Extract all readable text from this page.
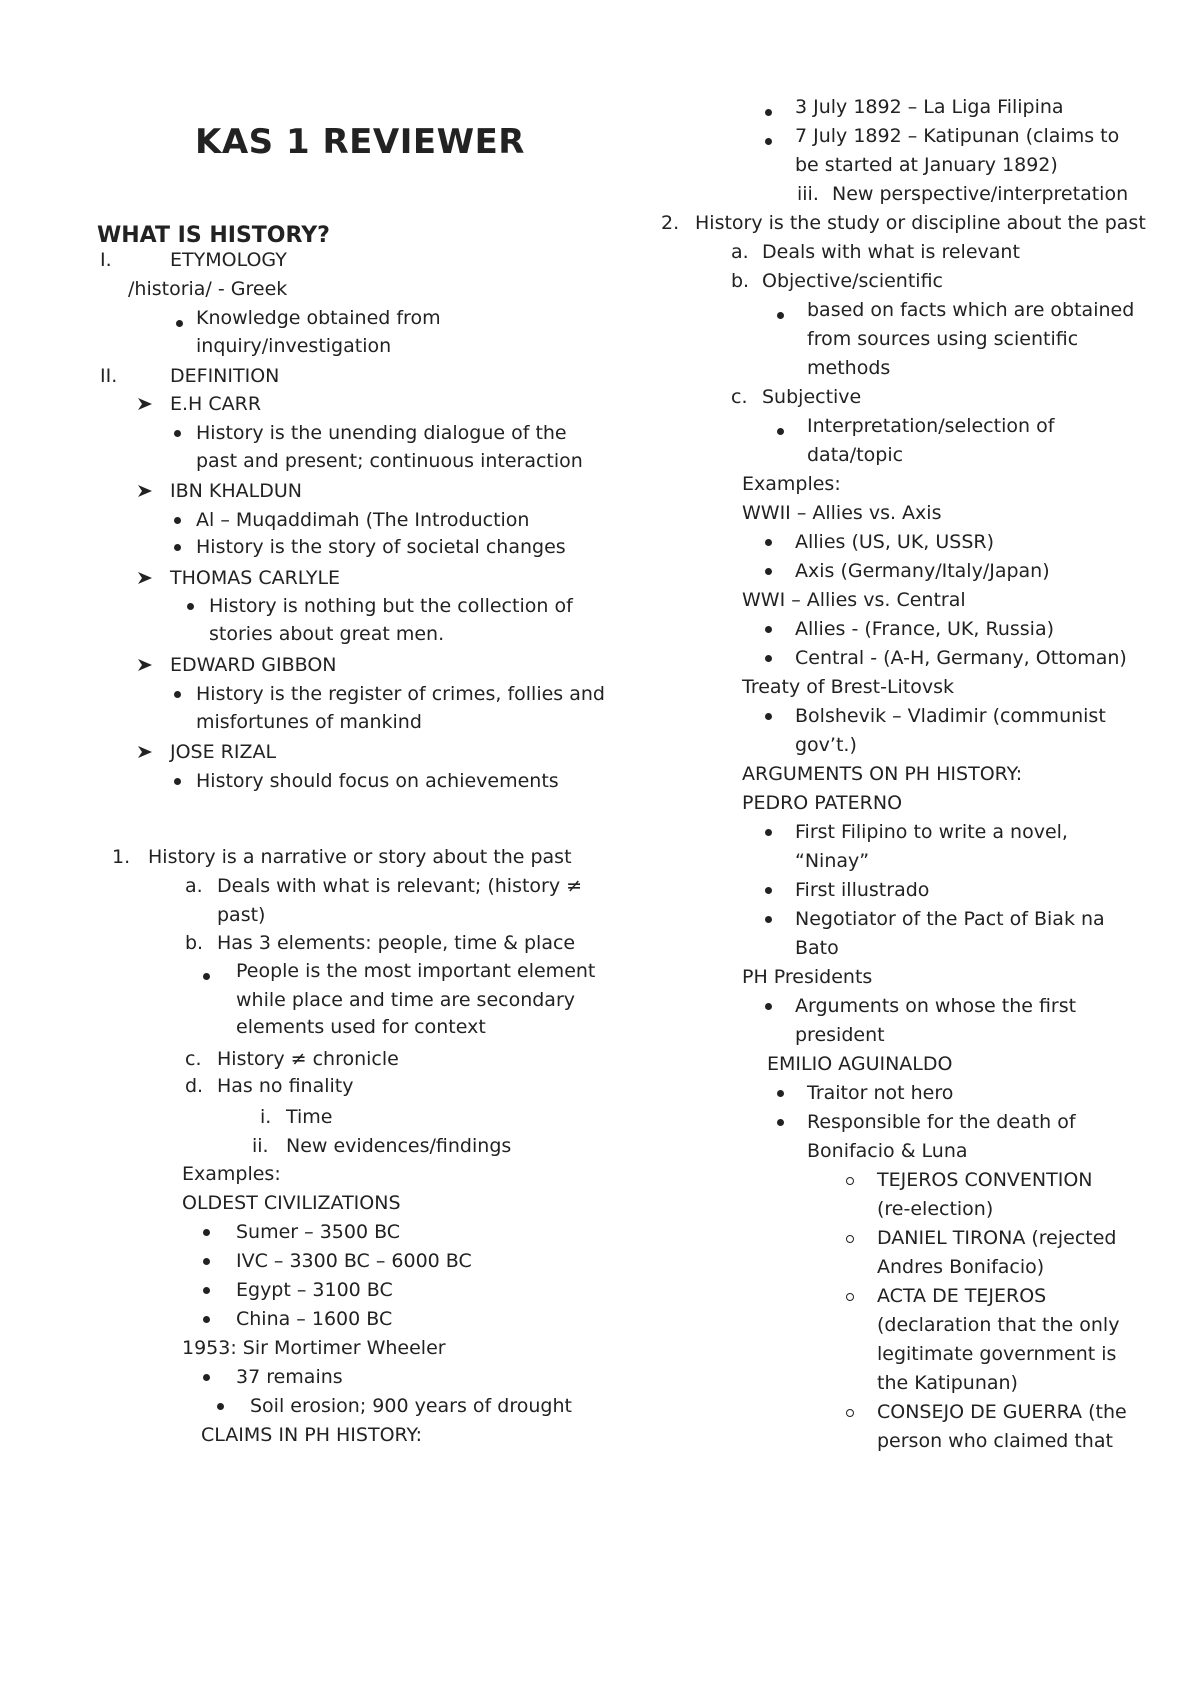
KAS 1 REVIEWER
WHAT IS HISTORY?
I.	ETYMOLOGY
/historia/ - Greek
Knowledge obtained from
inquiry/investigation
II.	DEFINITION
E.H CARR
History is the unending dialogue of the
past and present; continuous interaction
IBN KHALDUN
Al – Muqaddimah (The Introduction
History is the story of societal changes
THOMAS CARLYLE
History is nothing but the collection of
stories about great men.
EDWARD GIBBON
History is the register of crimes, follies and
misfortunes of mankind
JOSE RIZAL
History should focus on achievements
1. History is a narrative or story about the past
a. Deals with what is relevant; (history ≠
past)
b. Has 3 elements: people, time & place
People is the most important element
while place and time are secondary
elements used for context
c. History ≠ chronicle
d. Has no finality
i. Time
ii. New evidences/findings
Examples:
OLDEST CIVILIZATIONS
Sumer – 3500 BC
IVC – 3300 BC – 6000 BC
Egypt – 3100 BC
China – 1600 BC
1953: Sir Mortimer Wheeler
37 remains
Soil erosion; 900 years of drought
CLAIMS IN PH HISTORY:
3 July 1892 – La Liga Filipina
7 July 1892 – Katipunan (claims to
be started at January 1892)
iii. New perspective/interpretation
2. History is the study or discipline about the past
a. Deals with what is relevant
b. Objective/scientific
based on facts which are obtained
from sources using scientific
methods
c. Subjective
Interpretation/selection of
data/topic
Examples:
WWII – Allies vs. Axis
Allies (US, UK, USSR)
Axis (Germany/Italy/Japan)
WWI – Allies vs. Central
Allies - (France, UK, Russia)
Central - (A-H, Germany, Ottoman)
Treaty of Brest-Litovsk
Bolshevik – Vladimir (communist
gov’t.)
ARGUMENTS ON PH HISTORY:
PEDRO PATERNO
First Filipino to write a novel,
“Ninay”
First illustrado
Negotiator of the Pact of Biak na
Bato
PH Presidents
Arguments on whose the first
president
EMILIO AGUINALDO
Traitor not hero
Responsible for the death of
Bonifacio & Luna
TEJEROS CONVENTION
(re-election)
DANIEL TIRONA (rejected
Andres Bonifacio)
ACTA DE TEJEROS
(declaration that the only
legitimate government is
the Katipunan)
CONSEJO DE GUERRA (the
person who claimed that
